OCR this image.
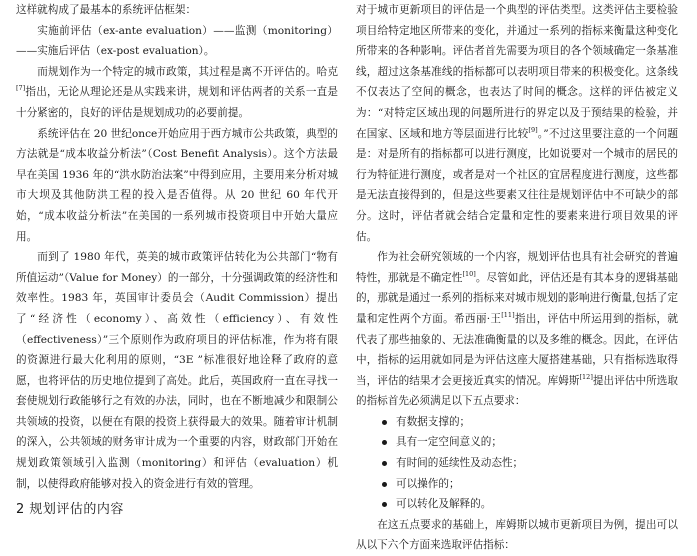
这样就构成了最基本的系统评估框架：

实施前评估（ex-ante evaluation）——监测（monitoring）——实施后评估（ex-post evaluation）。

而规划作为一个特定的城市政策，其过程是离不开评估的。哈克[7]指出，无论从理论还是从实践来讲，规划和评估两者的关系一直是十分紧密的，良好的评估是规划成功的必要前提。

系统评估在 20 世纪once开始应用于西方城市公共政策，典型的方法就是“成本收益分析法”（Cost Benefit Analysis）。这个方法最早在美国 1936 年的“洪水防治法案”中得到应用，主要用来分析对城市大坝及其他防洪工程的投入是否值得。从 20 世纪 60 年代开始，“成本收益分析法”在美国的一系列城市投资项目中开始大量应用。

而到了 1980 年代，英美的城市政策评估转化为公共部门“物有所值运动”（Value for Money）的一部分，十分强调政策的经济性和效率性。1983 年，英国审计委员会（Audit Commission）提出了“经济性（economy）、高效性（efficiency）、有效性（effectiveness）”三个原则作为政府项目的评估标准，作为将有限的资源进行最大化利用的原则，“3E ”标准很好地诠释了政府的意愿，也将评估的历史地位提到了高处。此后，英国政府一直在寻找一套使规划行政能够行之有效的办法，同时，也在不断地减少和限制公共领域的投资，以便在有限的投资上获得最大的效果。随着审计机制的深入，公共领域的财务审计成为一个重要的内容，财政部门开始在规划政策领域引入监测（monitoring）和评估（evaluation）机制，以使得政府能够对投入的资金进行有效的管理。

2 规划评估的内容

对于城市更新项目的评估是一个典型的评估类型。这类评估主要检验项目给特定地区所带来的变化，并通过一系列的指标来衡量这种变化所带来的各种影响。评估者首先需要为项目的各个领域确定一条基准线，超过这条基准线的指标都可以表明项目带来的积极变化。这条线不仅表达了空间的概念，也表达了时间的概念。这样的评估被定义为：“对特定区域出现的问题所进行的界定以及于预结果的检验，并在国家、区域和地方等层面进行比较[9]。”不过这里要注意的一个问题是：对是所有的指标都可以进行测度，比如说要对一个城市的居民的行为特征进行测度，或者是对一个社区的宜居程度进行测度，这些都是无法直接得到的，但是这些要素又往往是规划评估中不可缺少的部分。这时，评估者就会结合定量和定性的要素来进行项目效果的评估。

作为社会研究领域的一个内容，规划评估也具有社会研究的普遍特性，那就是不确定性[10]。尽管如此，评估还是有其本身的逻辑基础的，那就是通过一系列的指标来对城市规划的影响进行衡量,包括了定量和定性两个方面。希西丽·王[11]指出，评估中所运用到的指标，就代表了那些抽象的、无法准确衡量的以及多维的概念。因此，在评估中，指标的运用就如同是为评估这座大厦搭建基础，只有指标选取得当，评估的结果才会更接近真实的情况。库姆斯[12]提出评估中所选取的指标首先必须满足以下五点要求：

有数据支撑的；
具有一定空间意义的；
有时间的延续性及动态性；
可以操作的；
可以转化及解释的。

在这五点要求的基础上，库姆斯以城市更新项目为例，提出可以从以下六个方面来选取评估指标：
